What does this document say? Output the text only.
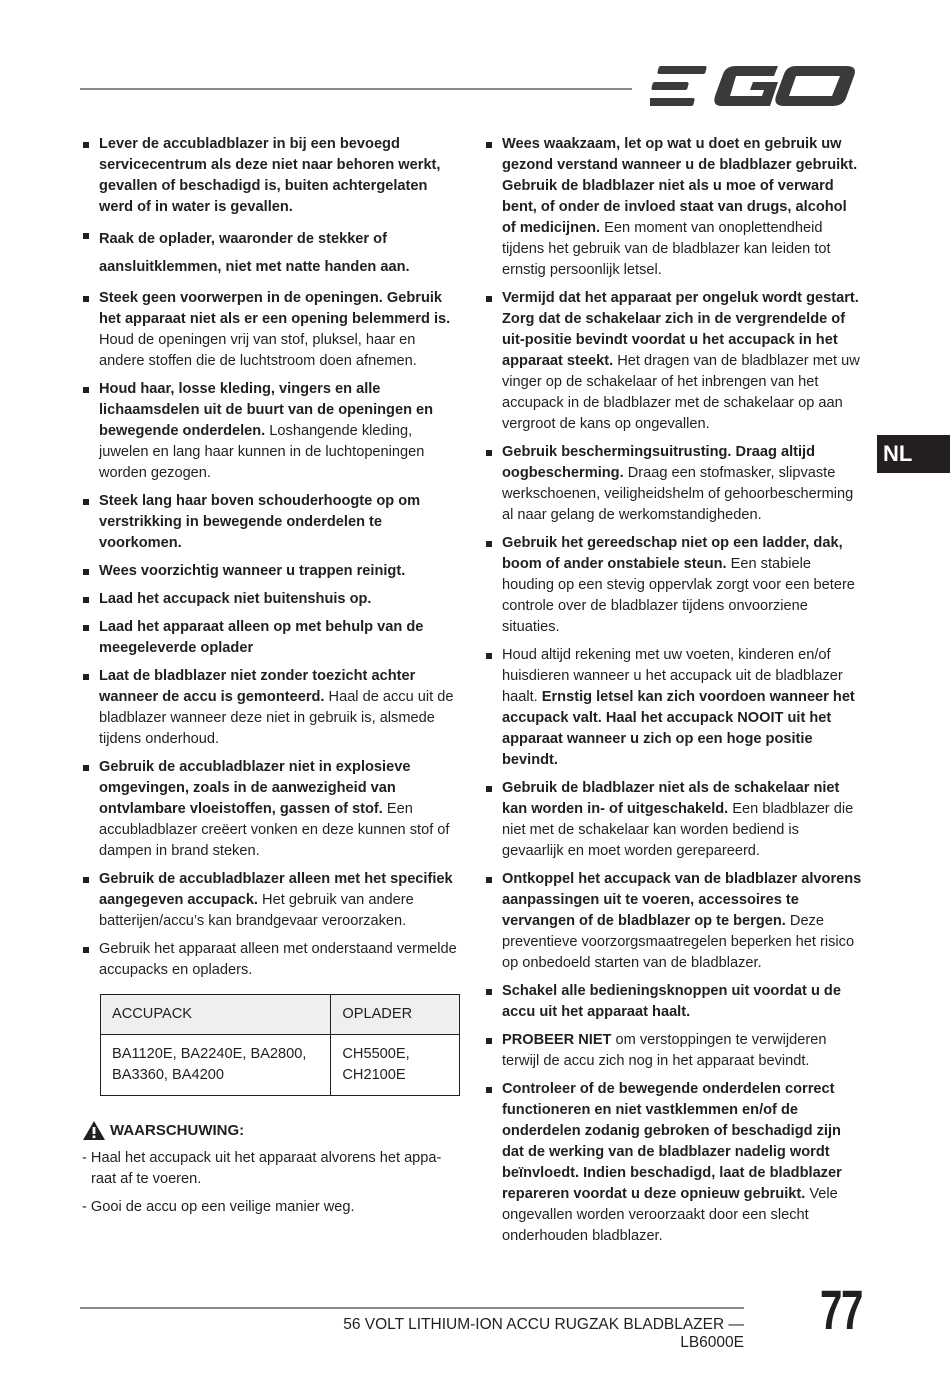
Lever de accubladblazer in bij een bevoegd servicecentrum als deze niet naar behoren werkt, gevallen of beschadigd is, buiten achtergelaten werd of in water is gevallen.

Raak de oplader, waaronder de stekker of aansluitklemmen, niet met natte handen aan.

Steek geen voorwerpen in de openingen. Gebruik het apparaat niet als er een opening belemmerd is. Houd de openingen vrij van stof, pluksel, haar en andere stoffen die de luchtstroom doen afnemen.

Houd haar, losse kleding, vingers en alle lichaamsdelen uit de buurt van de openingen en bewegende onderdelen. Loshangende kleding, juwelen en lang haar kunnen in de luchtopeningen worden gezogen.

Steek lang haar boven schouderhoogte op om verstrikking in bewegende onderdelen te voorkomen.

Wees voorzichtig wanneer u trappen reinigt.

Laad het accupack niet buitenshuis op.

Laad het apparaat alleen op met behulp van de meegeleverde oplader

Laat de bladblazer niet zonder toezicht achter wanneer de accu is gemonteerd. Haal de accu uit de bladblazer wanneer deze niet in gebruik is, alsmede tijdens onderhoud.

Gebruik de accubladblazer niet in explosieve omgevingen, zoals in de aanwezigheid van ontvlambare vloeistoffen, gassen of stof. Een accubladblazer creëert vonken en deze kunnen stof of dampen in brand steken.

Gebruik de accubladblazer alleen met het specifiek aangegeven accupack. Het gebruik van andere batterijen/accu’s kan brandgevaar veroorzaken.

Gebruik het apparaat alleen met onderstaand vermelde accupacks en opladers.

ACCUPACK	OPLADER
BA1120E, BA2240E, BA2800, BA3360, BA4200	CH5500E, CH2100E
WAARSCHUWING:
- Haal het accupack uit het apparaat alvorens het appa-raat af te voeren.
- Gooi de accu op een veilige manier weg.

Wees waakzaam, let op wat u doet en gebruik uw gezond verstand wanneer u de bladblazer gebruikt. Gebruik de bladblazer niet als u moe of verward bent, of onder de invloed staat van drugs, alcohol of medicijnen. Een moment van onoplettendheid tijdens het gebruik van de bladblazer kan leiden tot ernstig persoonlijk letsel.

Vermijd dat het apparaat per ongeluk wordt gestart. Zorg dat de schakelaar zich in de vergrendelde of uit-positie bevindt voordat u het accupack in het apparaat steekt. Het dragen van de bladblazer met uw vinger op de schakelaar of het inbrengen van het accupack in de bladblazer met de schakelaar op aan vergroot de kans op ongevallen.

Gebruik beschermingsuitrusting. Draag altijd oogbescherming. Draag een stofmasker, slipvaste werkschoenen, veiligheidshelm of gehoorbescherming al naar gelang de werkomstandigheden.

Gebruik het gereedschap niet op een ladder, dak, boom of ander onstabiele steun. Een stabiele houding op een stevig oppervlak zorgt voor een betere controle over de bladblazer tijdens onvoorziene situaties.

Houd altijd rekening met uw voeten, kinderen en/of huisdieren wanneer u het accupack uit de bladblazer haalt. Ernstig letsel kan zich voordoen wanneer het accupack valt. Haal het accupack NOOIT uit het apparaat wanneer u zich op een hoge positie bevindt.

Gebruik de bladblazer niet als de schakelaar niet kan worden in- of uitgeschakeld. Een bladblazer die niet met de schakelaar kan worden bediend is gevaarlijk en moet worden gerepareerd.

Ontkoppel het accupack van de bladblazer alvorens aanpassingen uit te voeren, accessoires te vervangen of de bladblazer op te bergen. Deze preventieve voorzorgsmaatregelen beperken het risico op onbedoeld starten van de bladblazer.

Schakel alle bedieningsknoppen uit voordat u de accu uit het apparaat haalt.

PROBEER NIET om verstoppingen te verwijderen terwijl de accu zich nog in het apparaat bevindt.

Controleer of de bewegende onderdelen correct functioneren en niet vastklemmen en/of de onderdelen zodanig gebroken of beschadigd zijn dat de werking van de bladblazer nadelig wordt beïnvloedt. Indien beschadigd, laat de bladblazer repareren voordat u deze opnieuw gebruikt. Vele ongevallen worden veroorzaakt door een slecht onderhouden bladblazer.

NL
56 VOLT LITHIUM-ION ACCU RUGZAK BLADBLAZER — LB6000E
77
